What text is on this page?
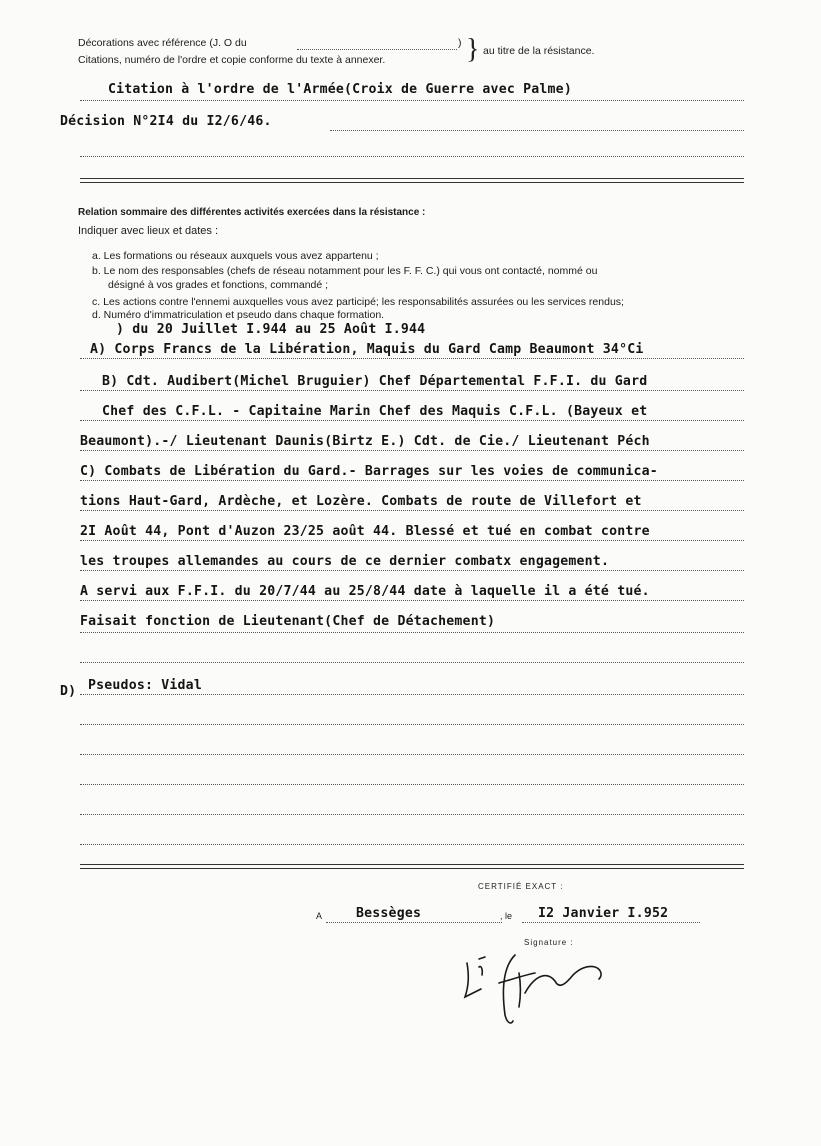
Décorations avec référence (J. O du	)
Citations, numéro de l'ordre et copie conforme du texte à annexer.	} au titre de la résistance.
Citation à l'ordre de l'Armée(Croix de Guerre avec Palme)
Décision N°2I4 du I2/6/46.
Relation sommaire des différentes activités exercées dans la résistance :
Indiquer avec lieux et dates :
a. Les formations ou réseaux auxquels vous avez appartenu ;
b. Le nom des responsables (chefs de réseau notamment pour les F. F. C.) qui vous ont contacté, nommé ou
désigné à vos grades et fonctions, commandé ;
c. Les actions contre l'ennemi auxquelles vous avez participé; les responsabilités assurées ou les services rendus;
d. Numéro d'immatriculation et pseudo dans chaque formation.
) du 20 Juillet I.944 au 25 Août I.944
A) Corps Francs de la Libération, Maquis du Gard Camp Beaumont 34°Ci
B) Cdt. Audibert(Michel Bruguier) Chef Départemental F.F.I. du Gard
Chef des C.F.L. - Capitaine Marin Chef des Maquis C.F.L. (Bayeux et
Beaumont).-/ Lieutenant Daunis(Birtz E.) Cdt. de Cie./ Lieutenant Péch
C) Combats de Libération du Gard.- Barrages sur les voies de communica-
tions Haut-Gard, Ardèche, et Lozère. Combats de route de Villefort et
2I Août 44, Pont d'Auzon 23/25 août 44. Blessé et tué en combat contre
les troupes allemandes au cours de ce dernier combatx engagement.
A servi aux F.F.I. du 20/7/44 au 25/8/44 date à laquelle il a été tué.
Faisait fonction de Lieutenant(Chef de Détachement)
D) Pseudos: Vidal
CERTIFIÉ EXACT :
A	Bessèges	, le I2 Janvier I.952
Signature :
